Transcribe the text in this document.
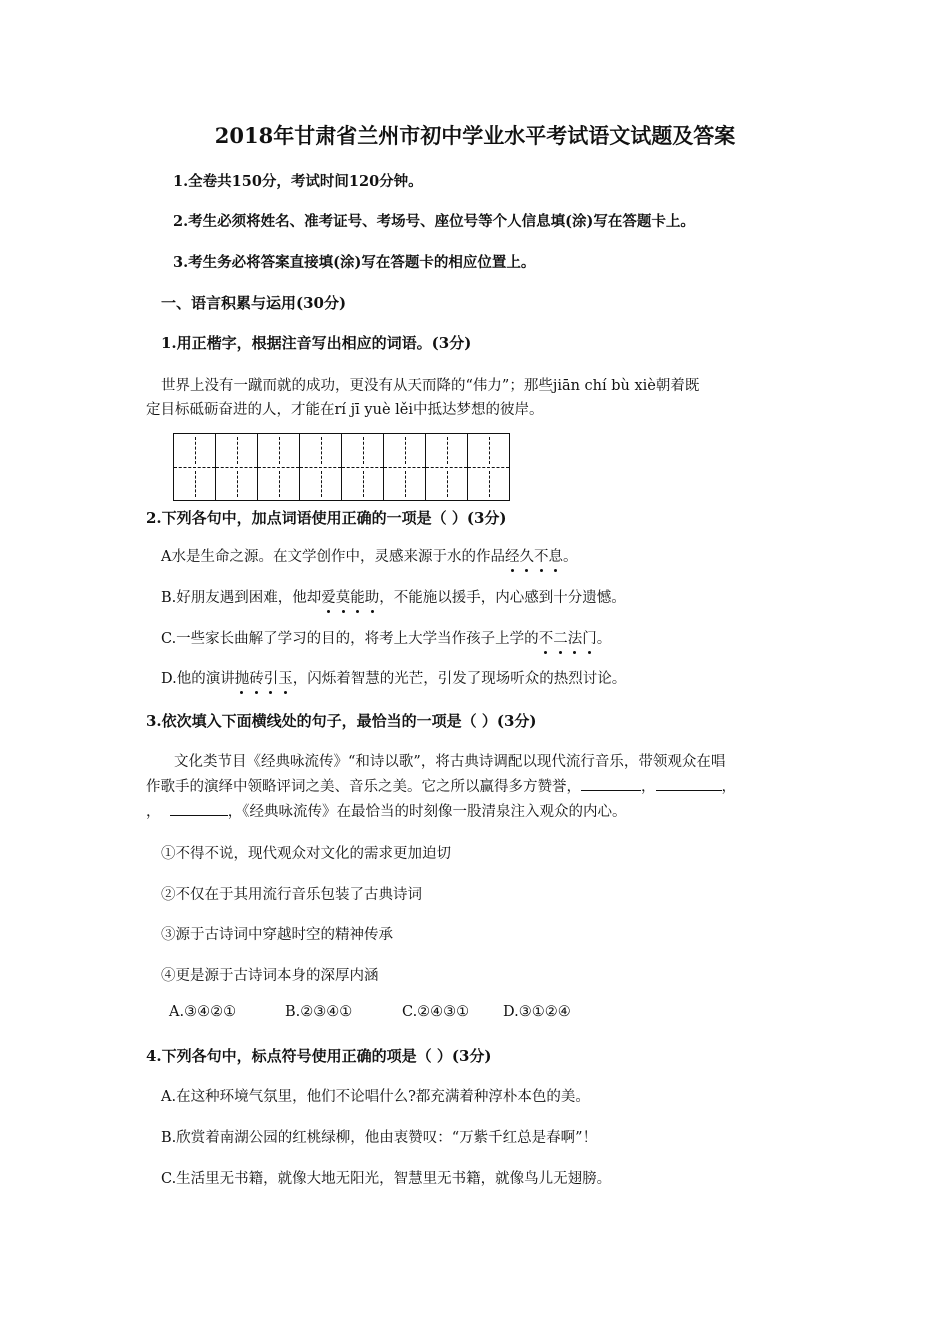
2018年甘肃省兰州市初中学业水平考试语文试题及答案
1.全卷共150分，考试时间120分钟。
2.考生必须将姓名、准考证号、考场号、座位号等个人信息填(涂)写在答题卡上。
3.考生务必将答案直接填(涂)写在答题卡的相应位置上。
一、语言积累与运用(30分)
1.用正楷字，根据注音写出相应的词语。(3分)
世界上没有一蹴而就的成功，更没有从天而降的“伟力”；那些jiān chí bù xiè朝着既
定目标砥砺奋进的人，才能在rí jī yuè lěi中抵达梦想的彼岸。
2.下列各句中，加点词语使用正确的一项是（ ）(3分)
A水是生命之源。在文学创作中，灵感来源于水的作品经久不息。
B.好朋友遇到困难，他却爱莫能助，不能施以援手，内心感到十分遗憾。
C.一些家长曲解了学习的目的，将考上大学当作孩子上学的不二法门。
D.他的演讲抛砖引玉，闪烁着智慧的光芒，引发了现场听众的热烈讨论。
3.依次填入下面横线处的句子，最恰当的一项是（ ）(3分)
文化类节目《经典咏流传》“和诗以歌”，将古典诗调配以现代流行音乐，带领观众在唱
作歌手的演绎中领略评词之美、音乐之美。它之所以赢得多方赞誉，	，	，
，	，《经典咏流传》在最恰当的时刻像一股清泉注入观众的内心。
①不得不说，现代观众对文化的需求更加迫切
②不仅在于其用流行音乐包装了古典诗词
③源于古诗词中穿越时空的精神传承
④更是源于古诗词本身的深厚内涵
A.③④②①	B.②③④①	C.②④③① D.③①②④
4.下列各句中，标点符号使用正确的项是（ ）(3分)
A.在这种环境气氛里，他们不论唱什么?都充满着种淳朴本色的美。
B.欣赏着南湖公园的红桃绿柳，他由衷赞叹：“万紫千红总是春啊”！
C.生活里无书籍，就像大地无阳光，智慧里无书籍，就像鸟儿无翅膀。
